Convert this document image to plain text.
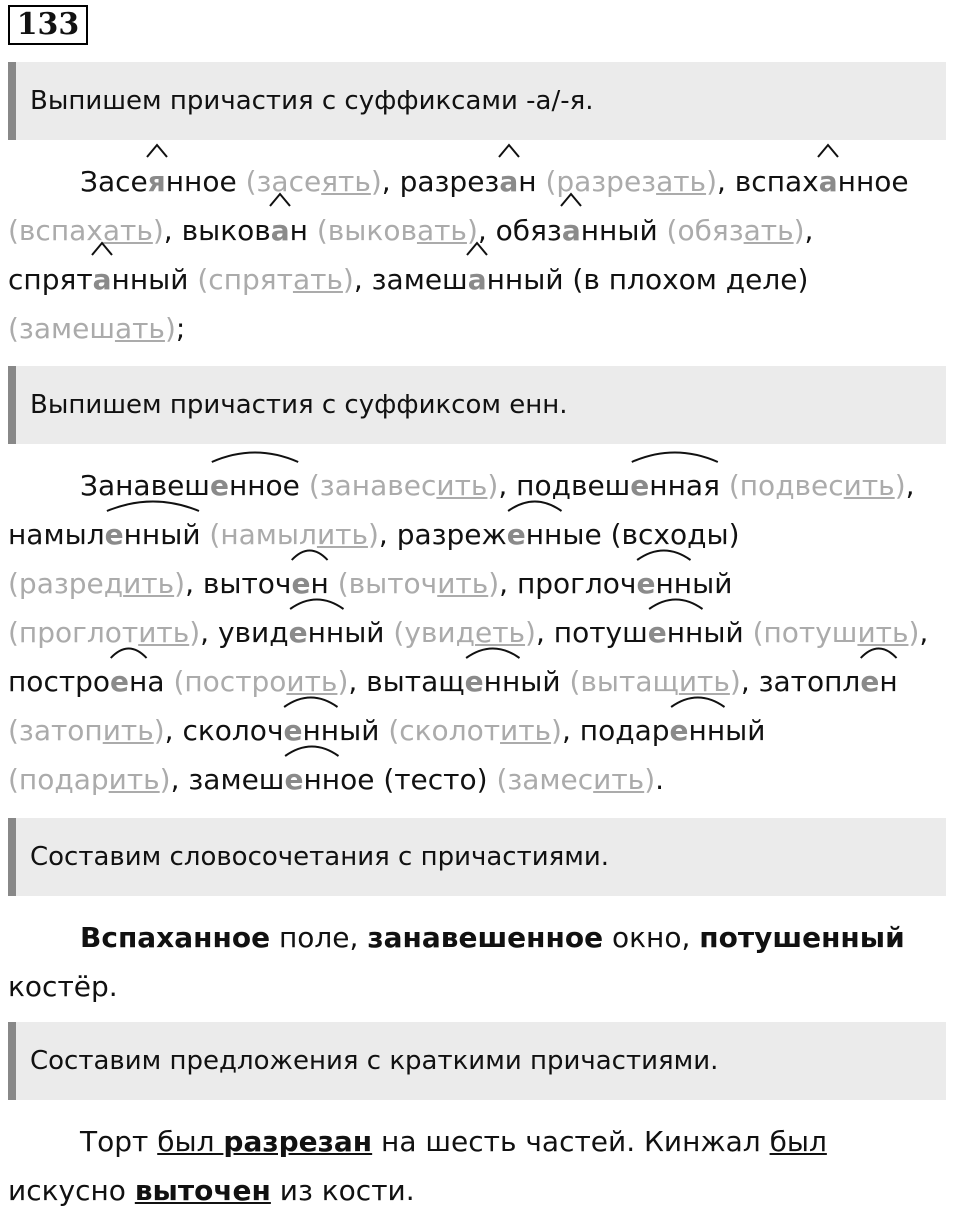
133
Выпишем причастия с суффиксами -а/-я.
Засе
янное (засеять), разрез
ан (разрезать), вспах
анное
(вспахать), выков
ан (выковать), обяз
анный (обязать),
спрят
анный (спрятать), замеш
анный (в плохом деле)
(замешать);
Выпишем причастия с суффиксом енн.
Занавеш
енное (занавесить), подвеш
енная (подвесить),
намыл
енный (намылить), разреж
енные (всходы)
(разредить), выточ
ен (выточить), проглоч
енный
(проглотить), увид
енный (увидеть), потуш
енный (потушить),
постро
ена (построить), вытащ
енный (вытащить), затопл
ен
(затопить), сколоч
енный (сколотить), подар
енный
(подарить), замеш
енное (тесто) (замесить).
Составим словосочетания с причастиями.
Вспаханное поле, занавешенное окно, потушенный
костёр.
Составим предложения с краткими причастиями.
Торт был разрезан на шесть частей. Кинжал был
искусно выточен из кости.
